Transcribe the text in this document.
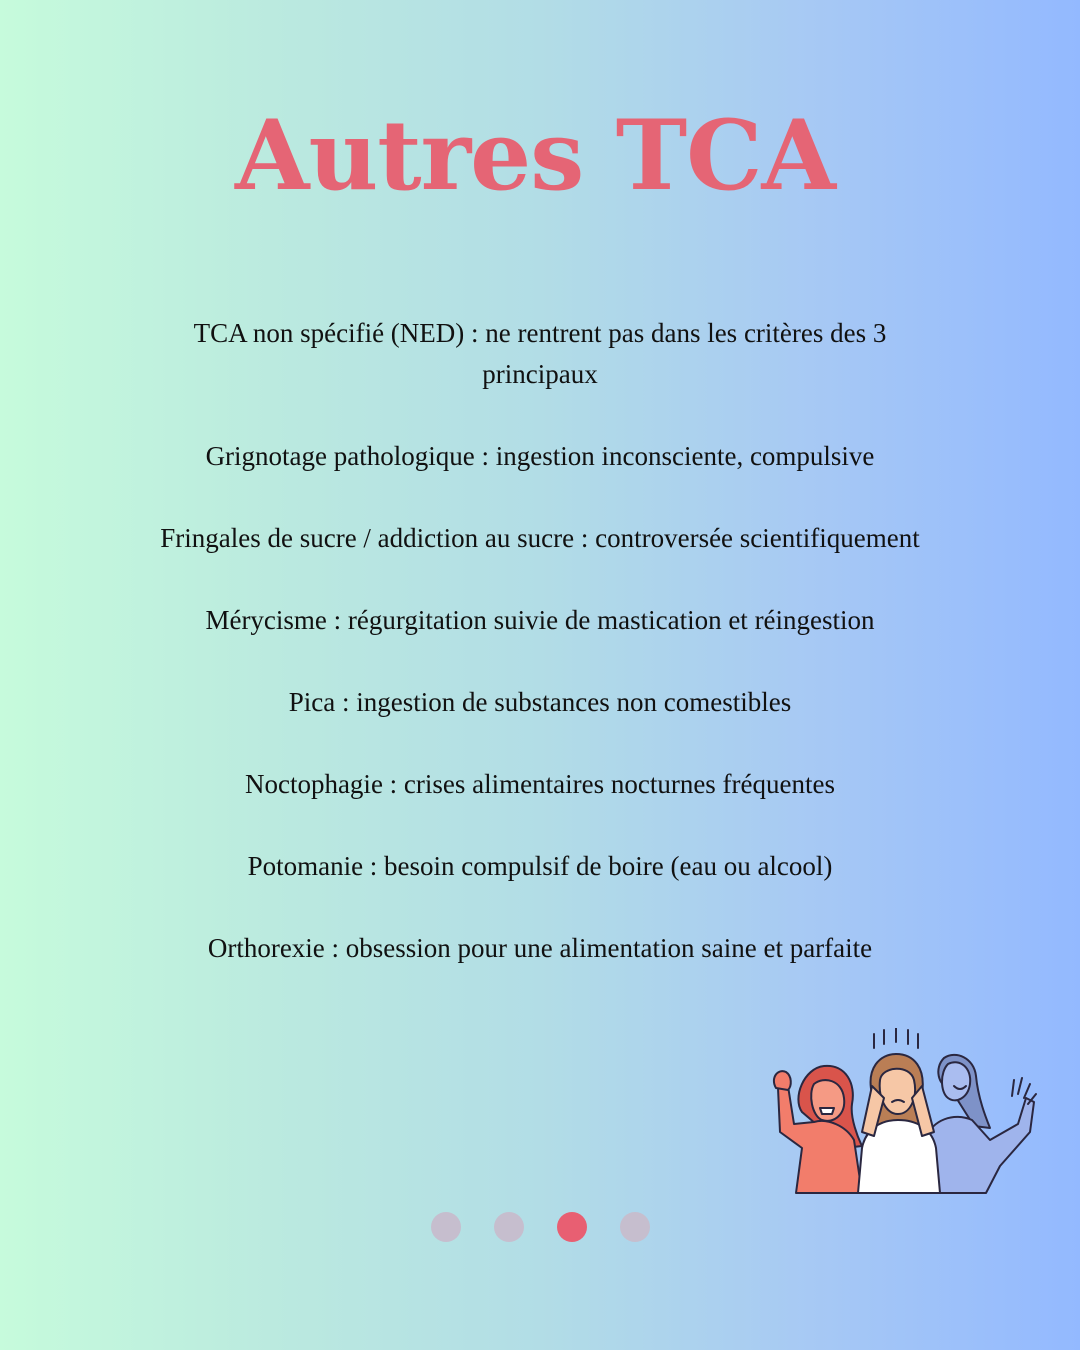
Autres TCA

TCA non spécifié (NED) : ne rentrent pas dans les critères des 3 principaux

Grignotage pathologique : ingestion inconsciente, compulsive

Fringales de sucre / addiction au sucre : controversée scientifiquement

Mérycisme : régurgitation suivie de mastication et réingestion

Pica : ingestion de substances non comestibles

Noctophagie : crises alimentaires nocturnes fréquentes

Potomanie : besoin compulsif de boire (eau ou alcool)

Orthorexie : obsession pour une alimentation saine et parfaite
